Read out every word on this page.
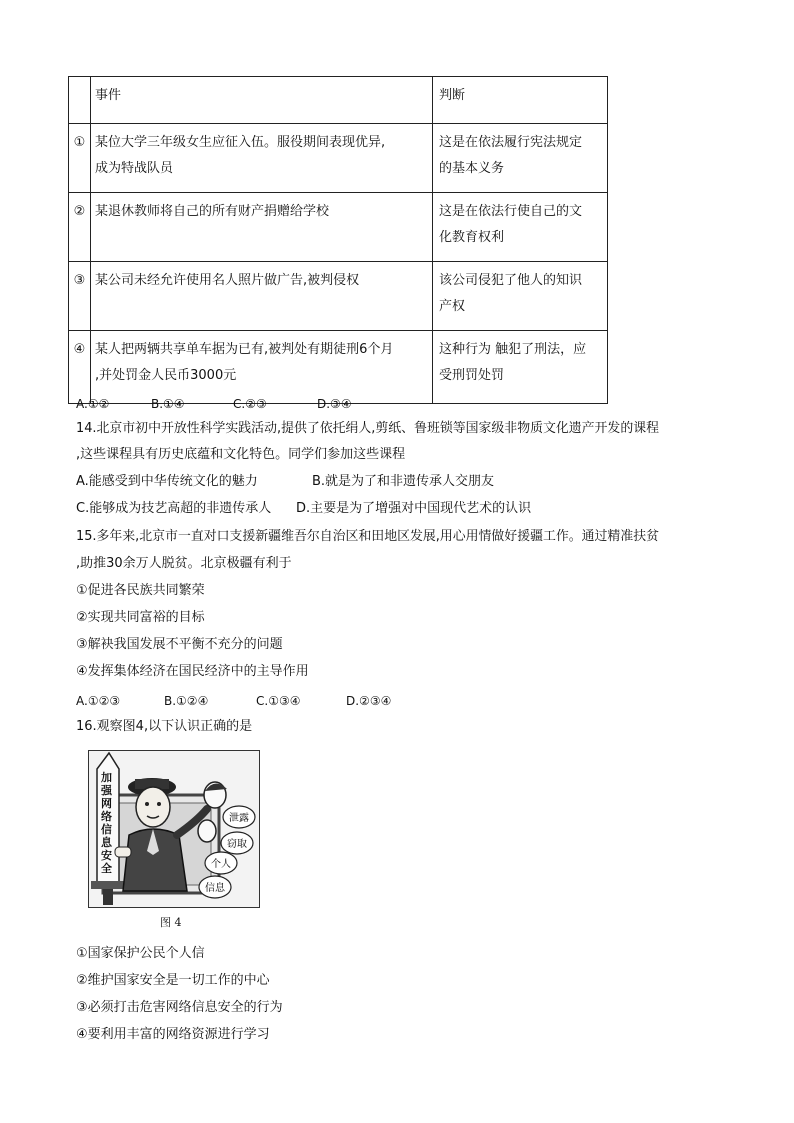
	事件	判断
①	某位大学三年级女生应征入伍。服役期间表现优异,
成为特战队员	这是在依法履行宪法规定
的基本义务

②	某退休教师将自己的所有财产捐赠给学校	这是在依法行使自己的文
化教育权利

③	某公司未经允许使用名人照片做广告,被判侵权	该公司侵犯了他人的知识
产权

④	某人把两辆共享单车据为已有,被判处有期徒刑6个月
,并处罚金人民币3000元	这种行为 触犯了刑法，应
受刑罚处罚
A.①②	B.①④	C.②③	D.③④
14.北京市初中开放性科学实践活动,提供了依托绢人,剪纸、鲁班锁等国家级非物质文化遗产开发的课程
,这些课程具有历史底蕴和文化特色。同学们参加这些课程
A.能感受到中华传统文化的魅力	B.就是为了和非遗传承人交朋友
C.能够成为技艺高超的非遗传承人 D.主要是为了增强对中国现代艺术的认识
15.多年来,北京市一直对口支援新疆维吾尔自治区和田地区发展,用心用情做好援疆工作。通过精准扶贫
,助推30余万人脱贫。北京极疆有利于
①促进各民族共同繁荣
②实现共同富裕的目标
③解袂我国发展不平衡不充分的问题
④发挥集体经济在国民经济中的主导作用
A.①②③	B.①②④	C.①③④	D.②③④
16.观察图4,以下认识正确的是
泄露
窃取
个人
信息
加强网络信息安全
图 4
①国家保护公民个人信
②维护国家安全是一切工作的中心
③必须打击危害网络信息安全的行为
④要利用丰富的网络资源进行学习
